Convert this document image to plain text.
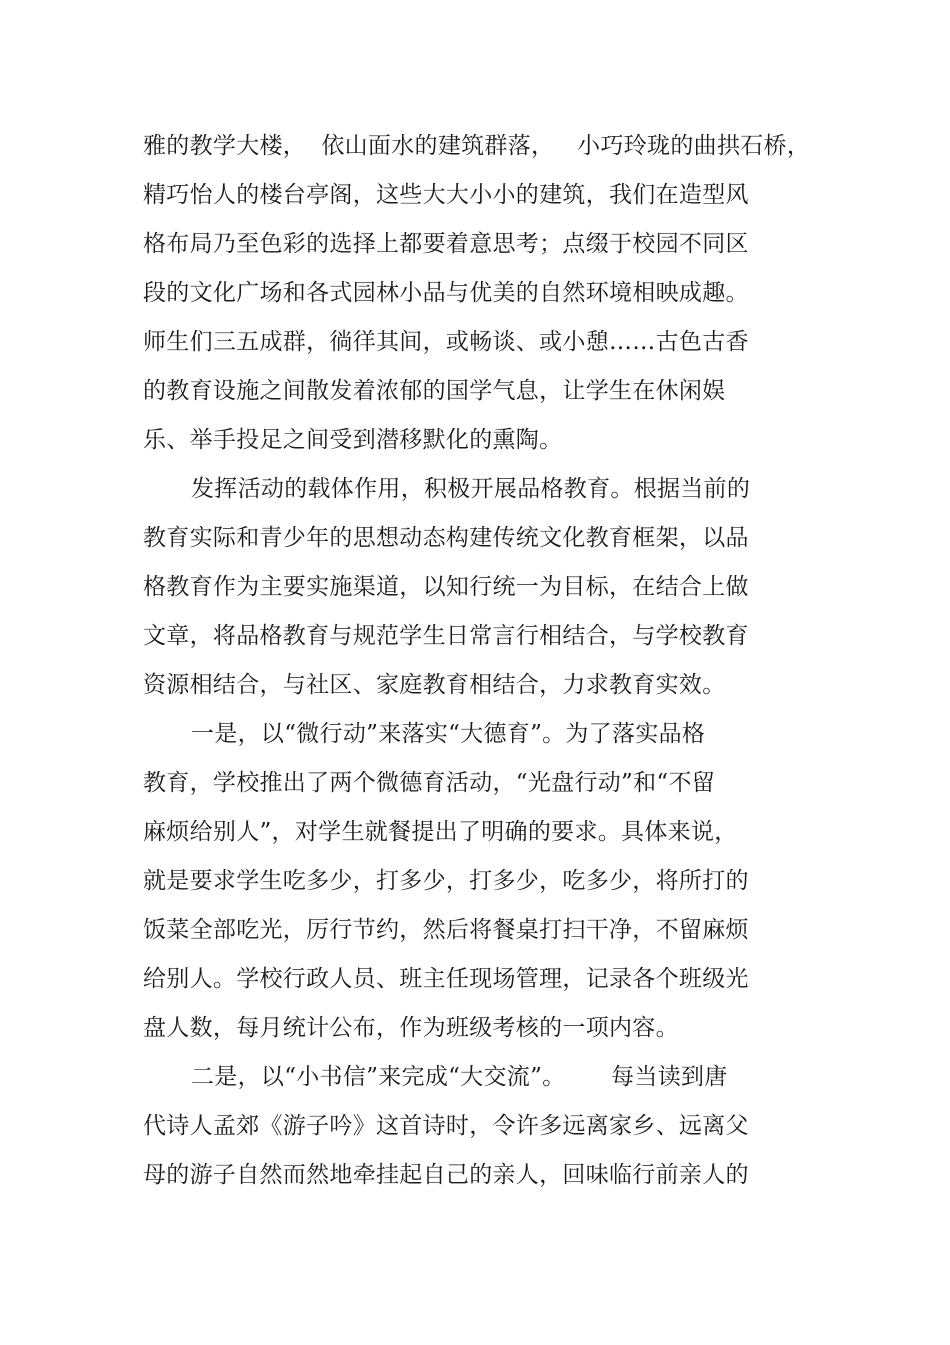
雅的教学大楼，  依山面水的建筑群落，   小巧玲珑的曲拱石桥，
精巧怡人的楼台亭阁，这些大大小小的建筑，我们在造型风
格布局乃至色彩的选择上都要着意思考；点缀于校园不同区
段的文化广场和各式园林小品与优美的自然环境相映成趣。
师生们三五成群，徜徉其间，或畅谈、或小憩……古色古香
的教育设施之间散发着浓郁的国学气息，让学生在休闲娱
乐、举手投足之间受到潜移默化的熏陶。
发挥活动的载体作用，积极开展品格教育。根据当前的
教育实际和青少年的思想动态构建传统文化教育框架，以品
格教育作为主要实施渠道，以知行统一为目标，在结合上做
文章，将品格教育与规范学生日常言行相结合，与学校教育
资源相结合，与社区、家庭教育相结合，力求教育实效。
一是，以“微行动”来落实“大德育”。为了落实品格
教育，学校推出了两个微德育活动，“光盘行动”和“不留
麻烦给别人”，对学生就餐提出了明确的要求。具体来说，
就是要求学生吃多少，打多少，打多少，吃多少，将所打的
饭菜全部吃光，厉行节约，然后将餐桌打扫干净，不留麻烦
给别人。学校行政人员、班主任现场管理，记录各个班级光
盘人数，每月统计公布，作为班级考核的一项内容。
二是，以“小书信”来完成“大交流”。      每当读到唐
代诗人孟郊《游子吟》这首诗时，令许多远离家乡、远离父
母的游子自然而然地牵挂起自己的亲人，回味临行前亲人的
